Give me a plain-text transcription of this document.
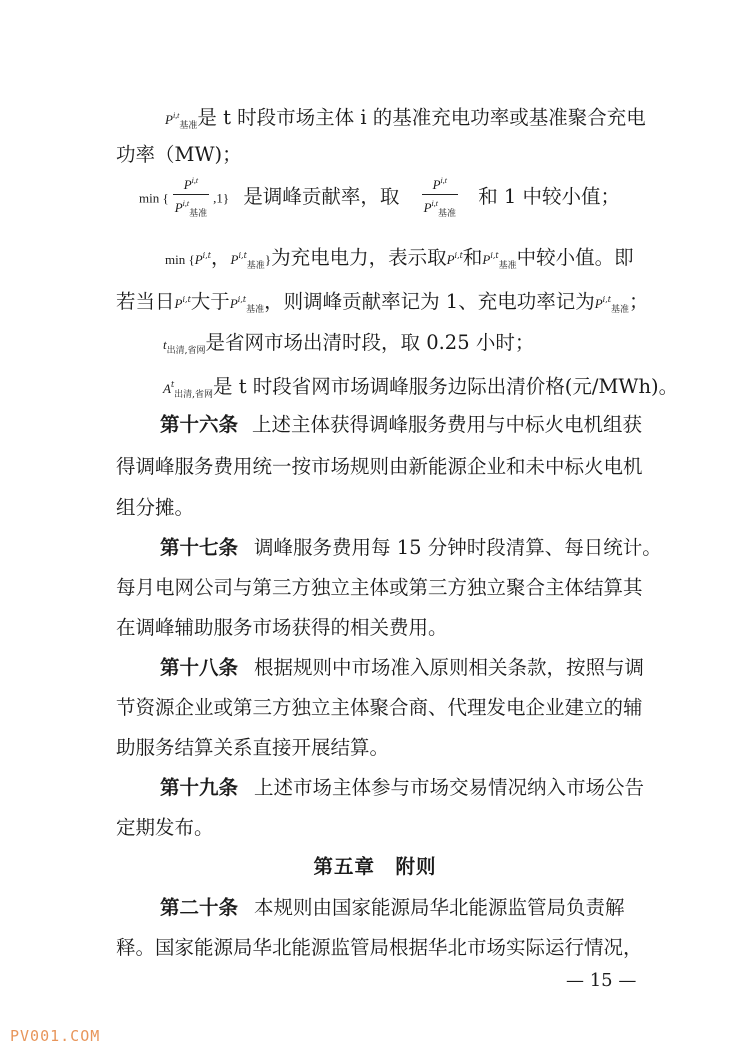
P$^{i,t}_{基准}$是 t 时段市场主体 i 的基准充电功率或基准聚合充电
功率（MW)；
min { $\frac{P^{i,t}}{P^{i,t}_{基准}} ,1$} 是调峰贡献率，取 $\frac{P^{i,t}}{P^{i,t}_{基准}}$ 和 1 中较小值；
$\min \{P^{i,t}$，P$^{i,t}_{基准}$}为充电电力，表示取P$^{i,t}$和P$^{i,t}_{基准}$中较小值。即
若当日P$^{i,t}$大于P$^{i,t}_{基准}$，则调峰贡献率记为 1、充电功率记为P$^{i,t}_{基准}$；
$t_{出清,省网}$是省网市场出清时段，取 0.25 小时；
$A^t_{出清,省网}$是 t 时段省网市场调峰服务边际出清价格(元/MWh)。
第十六条 上述主体获得调峰服务费用与中标火电机组获
得调峰服务费用统一按市场规则由新能源企业和未中标火电机
组分摊。
第十七条 调峰服务费用每 15 分钟时段清算、每日统计。
每月电网公司与第三方独立主体或第三方独立聚合主体结算其
在调峰辅助服务市场获得的相关费用。
第十八条 根据规则中市场准入原则相关条款，按照与调
节资源企业或第三方独立主体聚合商、代理发电企业建立的辅
助服务结算关系直接开展结算。
第十九条 上述市场主体参与市场交易情况纳入市场公告
定期发布。
第五章　附则
第二十条 本规则由国家能源局华北能源监管局负责解
释。国家能源局华北能源监管局根据华北市场实际运行情况，
— 15 —
PV001.COM
